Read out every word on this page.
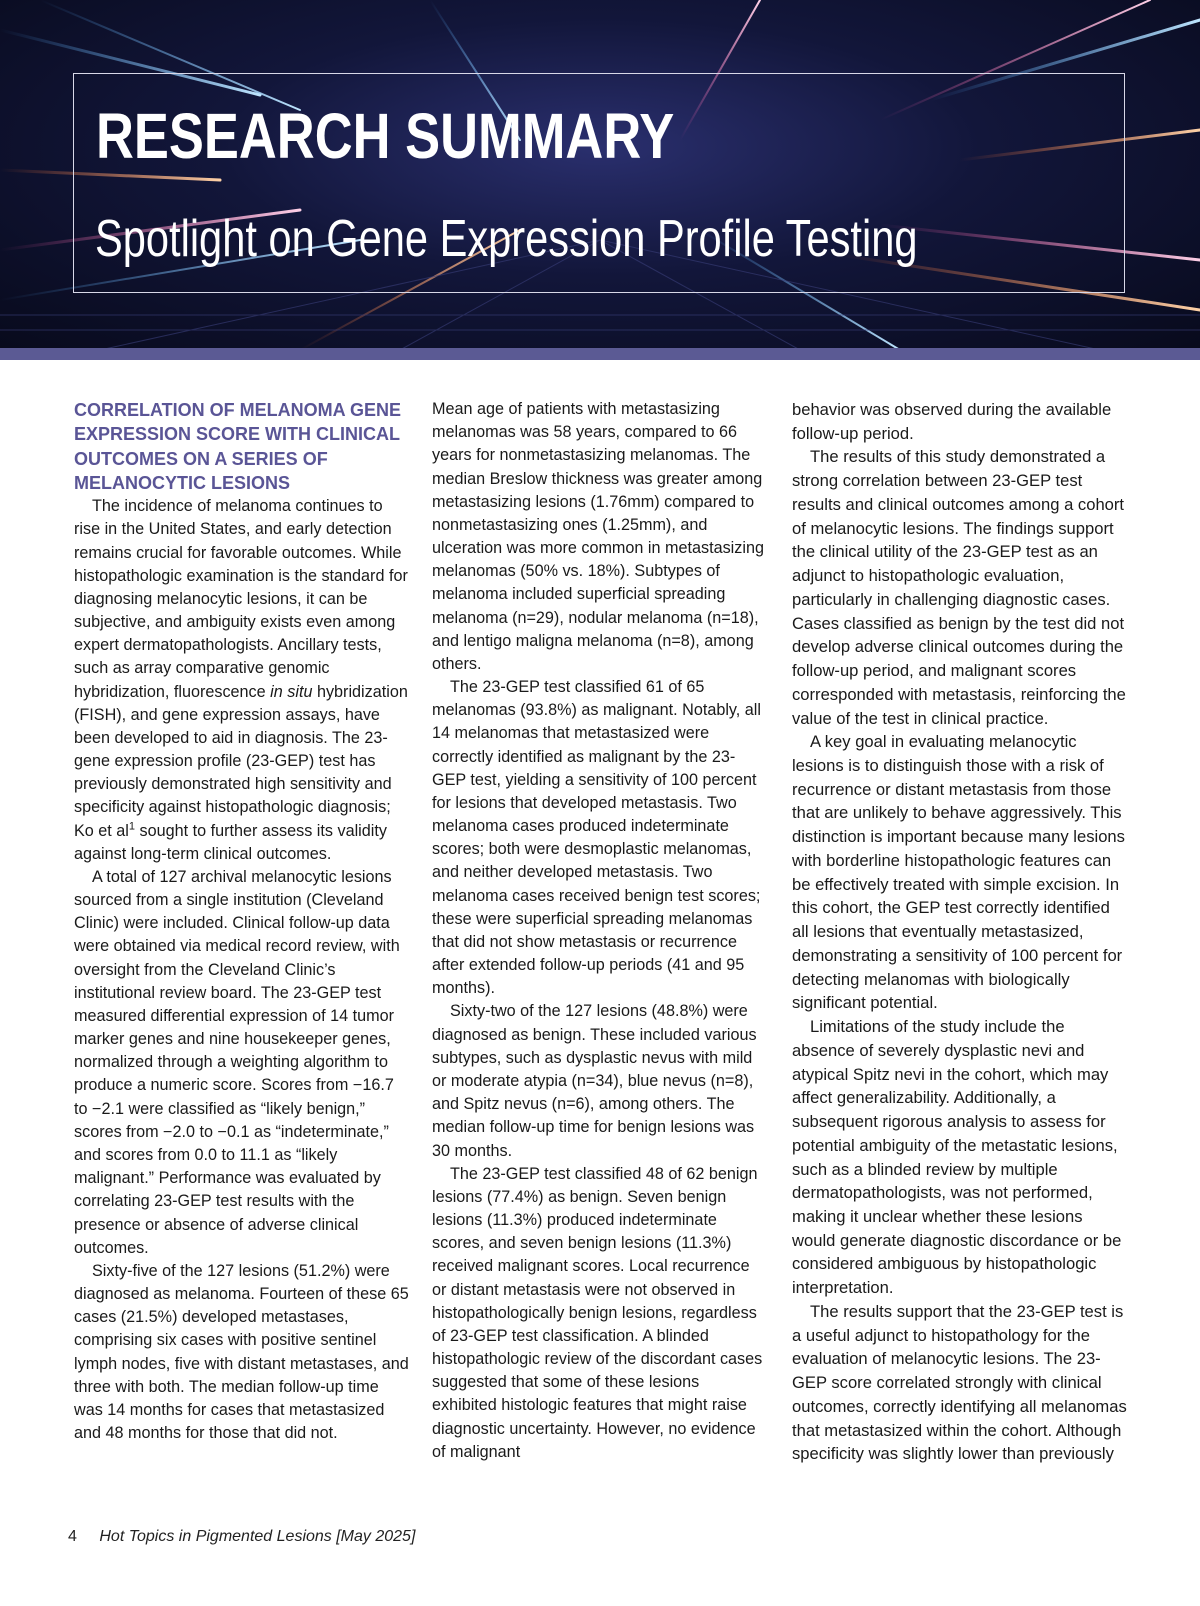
RESEARCH SUMMARY
Spotlight on Gene Expression Profile Testing
CORRELATION OF MELANOMA GENE EXPRESSION SCORE WITH CLINICAL OUTCOMES ON A SERIES OF MELANOCYTIC LESIONS

The incidence of melanoma continues to rise in the United States, and early detection remains crucial for favorable outcomes. While histopathologic examination is the standard for diagnosing melanocytic lesions, it can be subjective, and ambiguity exists even among expert dermatopathologists. Ancillary tests, such as array comparative genomic hybridization, fluorescence in situ hybridization (FISH), and gene expression assays, have been developed to aid in diagnosis. The 23-gene expression profile (23-GEP) test has previously demonstrated high sensitivity and specificity against histopathologic diagnosis; Ko et $al^1$ sought to further assess its validity against long-term clinical outcomes.

A total of 127 archival melanocytic lesions sourced from a single institution (Cleveland Clinic) were included. Clinical follow-up data were obtained via medical record review, with oversight from the Cleveland Clinic’s institutional review board. The 23-GEP test measured differential expression of 14 tumor marker genes and nine housekeeper genes, normalized through a weighting algorithm to produce a numeric score. Scores from −16.7 to −2.1 were classified as “likely benign,” scores from −2.0 to −0.1 as “indeterminate,” and scores from 0.0 to 11.1 as “likely malignant.” Performance was evaluated by correlating 23-GEP test results with the presence or absence of adverse clinical outcomes.

Sixty-five of the 127 lesions (51.2%) were diagnosed as melanoma. Fourteen of these 65 cases (21.5%) developed metastases, comprising six cases with positive sentinel lymph nodes, five with distant metastases, and three with both. The median follow-up time was 14 months for cases that metastasized and 48 months for those that did not.

Mean age of patients with metastasizing melanomas was 58 years, compared to 66 years for nonmetastasizing melanomas. The median Breslow thickness was greater among metastasizing lesions (1.76mm) compared to nonmetastasizing ones (1.25mm), and ulceration was more common in metastasizing melanomas (50% vs. 18%). Subtypes of melanoma included superficial spreading melanoma (n=29), nodular melanoma (n=18), and lentigo maligna melanoma (n=8), among others.

The 23-GEP test classified 61 of 65 melanomas (93.8%) as malignant. Notably, all 14 melanomas that metastasized were correctly identified as malignant by the 23-GEP test, yielding a sensitivity of 100 percent for lesions that developed metastasis. Two melanoma cases produced indeterminate scores; both were desmoplastic melanomas, and neither developed metastasis. Two melanoma cases received benign test scores; these were superficial spreading melanomas that did not show metastasis or recurrence after extended follow-up periods (41 and 95 months).

Sixty-two of the 127 lesions (48.8%) were diagnosed as benign. These included various subtypes, such as dysplastic nevus with mild or moderate atypia (n=34), blue nevus (n=8), and Spitz nevus (n=6), among others. The median follow-up time for benign lesions was 30 months.

The 23-GEP test classified 48 of 62 benign lesions (77.4%) as benign. Seven benign lesions (11.3%) produced indeterminate scores, and seven benign lesions (11.3%) received malignant scores. Local recurrence or distant metastasis were not observed in histopathologically benign lesions, regardless of 23-GEP test classification. A blinded histopathologic review of the discordant cases suggested that some of these lesions exhibited histologic features that might raise diagnostic uncertainty. However, no evidence of malignant

behavior was observed during the available follow-up period.

The results of this study demonstrated a strong correlation between 23-GEP test results and clinical outcomes among a cohort of melanocytic lesions. The findings support the clinical utility of the 23-GEP test as an adjunct to histopathologic evaluation, particularly in challenging diagnostic cases. Cases classified as benign by the test did not develop adverse clinical outcomes during the follow-up period, and malignant scores corresponded with metastasis, reinforcing the value of the test in clinical practice.

A key goal in evaluating melanocytic lesions is to distinguish those with a risk of recurrence or distant metastasis from those that are unlikely to behave aggressively. This distinction is important because many lesions with borderline histopathologic features can be effectively treated with simple excision. In this cohort, the GEP test correctly identified all lesions that eventually metastasized, demonstrating a sensitivity of 100 percent for detecting melanomas with biologically significant potential.

Limitations of the study include the absence of severely dysplastic nevi and atypical Spitz nevi in the cohort, which may affect generalizability. Additionally, a subsequent rigorous analysis to assess for potential ambiguity of the metastatic lesions, such as a blinded review by multiple dermatopathologists, was not performed, making it unclear whether these lesions would generate diagnostic discordance or be considered ambiguous by histopathologic interpretation.

The results support that the 23-GEP test is a useful adjunct to histopathology for the evaluation of melanocytic lesions. The 23-GEP score correlated strongly with clinical outcomes, correctly identifying all melanomas that metastasized within the cohort. Although specificity was slightly lower than previously

4 Hot Topics in Pigmented Lesions [May 2025]
